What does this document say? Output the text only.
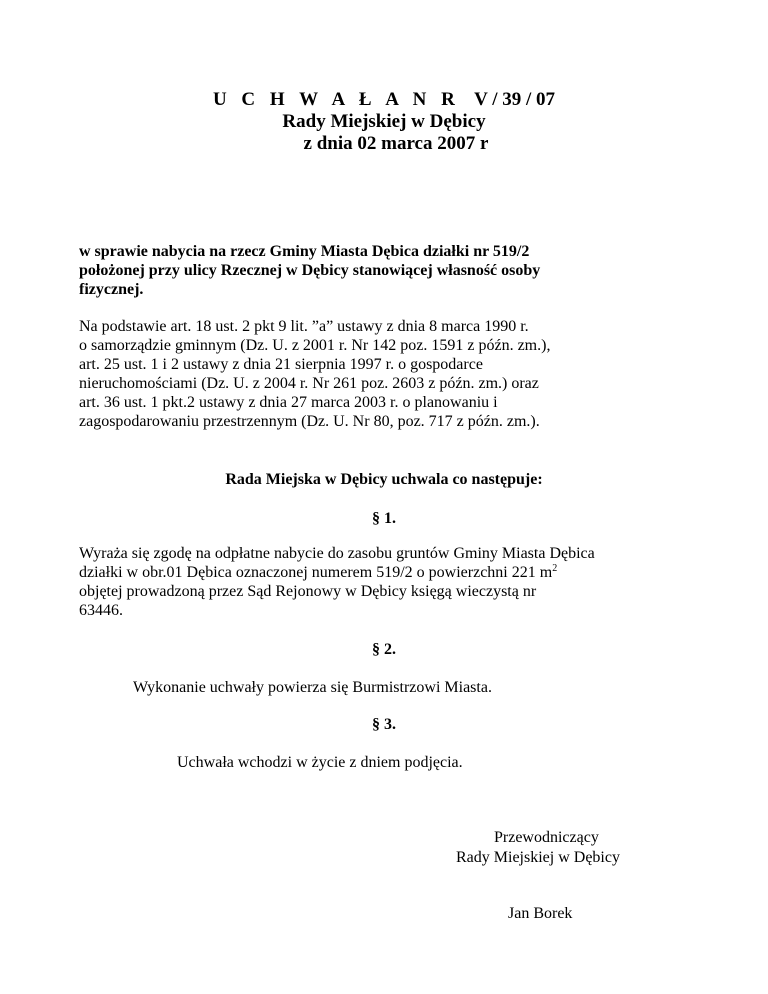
U C H W A Ł A N R V / 39 / 07
Rady Miejskiej w Dębicy
z dnia 02 marca 2007 r
w sprawie nabycia na rzecz Gminy Miasta Dębica działki nr 519/2
położonej przy ulicy Rzecznej w Dębicy stanowiącej własność osoby
fizycznej.
Na podstawie art. 18 ust. 2 pkt 9 lit. ”a” ustawy z dnia 8 marca 1990 r.
o samorządzie gminnym (Dz. U. z 2001 r. Nr 142 poz. 1591 z późn. zm.),
art. 25 ust. 1 i 2 ustawy z dnia 21 sierpnia 1997 r. o gospodarce
nieruchomościami (Dz. U. z 2004 r. Nr 261 poz. 2603 z późn. zm.) oraz
art. 36 ust. 1 pkt.2 ustawy z dnia 27 marca 2003 r. o planowaniu i
zagospodarowaniu przestrzennym (Dz. U. Nr 80, poz. 717 z późn. zm.).
Rada Miejska w Dębicy uchwala co następuje:
§ 1.
Wyraża się zgodę na odpłatne nabycie do zasobu gruntów Gminy Miasta Dębica
działki w obr.01 Dębica oznaczonej numerem 519/2 o powierzchni 221 $m^2$
objętej prowadzoną przez Sąd Rejonowy w Dębicy księgą wieczystą nr
63446.
§ 2.
Wykonanie uchwały powierza się Burmistrzowi Miasta.
§ 3.
Uchwała wchodzi w życie z dniem podjęcia.
Przewodniczący
Rady Miejskiej w Dębicy
Jan Borek
